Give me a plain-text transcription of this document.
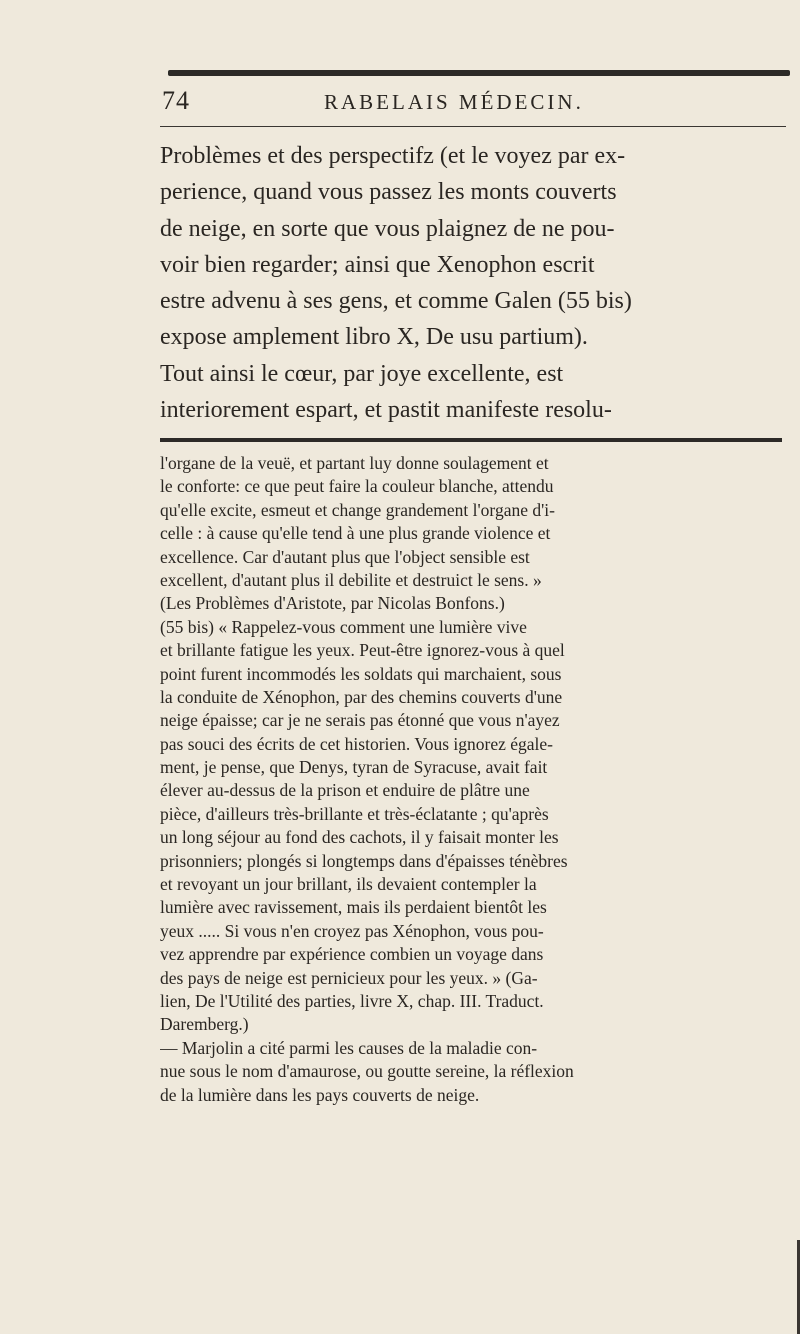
74	RABELAIS MÉDECIN.
Problèmes et des perspectifz (et le voyez par ex-
perience, quand vous passez les monts couverts
de neige, en sorte que vous plaignez de ne pou-
voir bien regarder; ainsi que Xenophon escrit
estre advenu à ses gens, et comme Galen (55 bis)
expose amplement libro X, De usu partium).
Tout ainsi le cœur, par joye excellente, est
interiorement espart, et pastit manifeste resolu-
l'organe de la veuë, et partant luy donne soulagement et
le conforte: ce que peut faire la couleur blanche, attendu
qu'elle excite, esmeut et change grandement l'organe d'i-
celle : à cause qu'elle tend à une plus grande violence et
excellence. Car d'autant plus que l'object sensible est
excellent, d'autant plus il debilite et destruict le sens. »
(Les Problèmes d'Aristote, par Nicolas Bonfons.)
(55 bis) « Rappelez-vous comment une lumière vive
et brillante fatigue les yeux. Peut-être ignorez-vous à quel
point furent incommodés les soldats qui marchaient, sous
la conduite de Xénophon, par des chemins couverts d'une
neige épaisse; car je ne serais pas étonné que vous n'ayez
pas souci des écrits de cet historien. Vous ignorez égale-
ment, je pense, que Denys, tyran de Syracuse, avait fait
élever au-dessus de la prison et enduire de plâtre une
pièce, d'ailleurs très-brillante et très-éclatante ; qu'après
un long séjour au fond des cachots, il y faisait monter les
prisonniers; plongés si longtemps dans d'épaisses ténèbres
et revoyant un jour brillant, ils devaient contempler la
lumière avec ravissement, mais ils perdaient bientôt les
yeux ..... Si vous n'en croyez pas Xénophon, vous pou-
vez apprendre par expérience combien un voyage dans
des pays de neige est pernicieux pour les yeux. » (Ga-
lien, De l'Utilité des parties, livre X, chap. III. Traduct.
Daremberg.)
— Marjolin a cité parmi les causes de la maladie con-
nue sous le nom d'amaurose, ou goutte sereine, la réflexion
de la lumière dans les pays couverts de neige.
